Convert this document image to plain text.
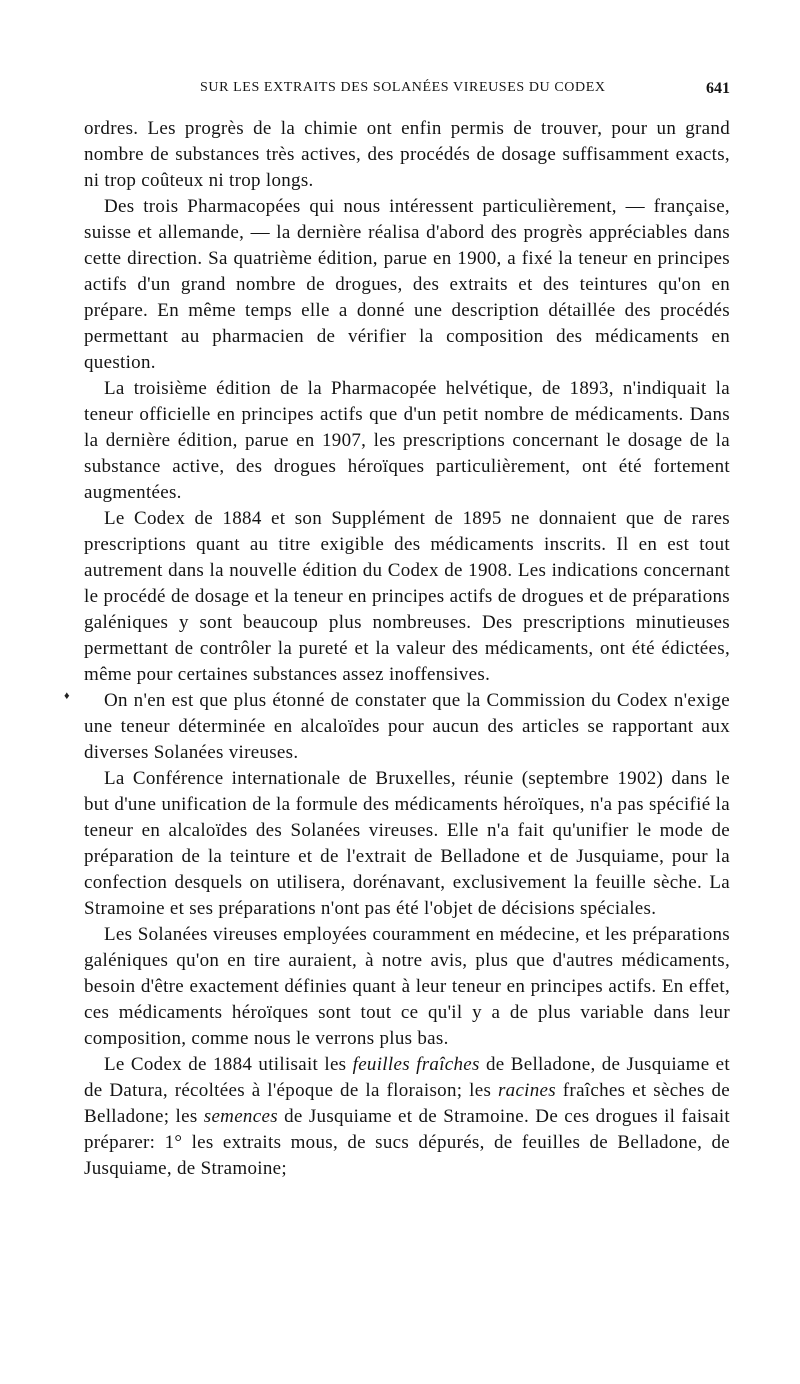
SUR LES EXTRAITS DES SOLANÉES VIREUSES DU CODEX	641
♦

ordres. Les progrès de la chimie ont enfin permis de trouver, pour un grand nombre de substances très actives, des procédés de dosage suffisamment exacts, ni trop coûteux ni trop longs.

Des trois Pharmacopées qui nous intéressent particulièrement, — française, suisse et allemande, — la dernière réalisa d'abord des progrès appréciables dans cette direction. Sa quatrième édition, parue en 1900, a fixé la teneur en principes actifs d'un grand nombre de drogues, des extraits et des teintures qu'on en prépare. En même temps elle a donné une description détaillée des procédés permettant au pharmacien de vérifier la composition des médicaments en question.

La troisième édition de la Pharmacopée helvétique, de 1893, n'indiquait la teneur officielle en principes actifs que d'un petit nombre de médicaments. Dans la dernière édition, parue en 1907, les prescriptions concernant le dosage de la substance active, des drogues héroïques particulièrement, ont été fortement augmentées.

Le Codex de 1884 et son Supplément de 1895 ne donnaient que de rares prescriptions quant au titre exigible des médicaments inscrits. Il en est tout autrement dans la nouvelle édition du Codex de 1908. Les indications concernant le procédé de dosage et la teneur en principes actifs de drogues et de préparations galéniques y sont beaucoup plus nombreuses. Des prescriptions minutieuses permettant de contrôler la pureté et la valeur des médicaments, ont été édictées, même pour certaines substances assez inoffensives.

On n'en est que plus étonné de constater que la Commission du Codex n'exige une teneur déterminée en alcaloïdes pour aucun des articles se rapportant aux diverses Solanées vireuses.

La Conférence internationale de Bruxelles, réunie (septembre 1902) dans le but d'une unification de la formule des médicaments héroïques, n'a pas spécifié la teneur en alcaloïdes des Solanées vireuses. Elle n'a fait qu'unifier le mode de préparation de la teinture et de l'extrait de Belladone et de Jusquiame, pour la confection desquels on utilisera, dorénavant, exclusivement la feuille sèche. La Stramoine et ses préparations n'ont pas été l'objet de décisions spéciales.

Les Solanées vireuses employées couramment en médecine, et les préparations galéniques qu'on en tire auraient, à notre avis, plus que d'autres médicaments, besoin d'être exactement définies quant à leur teneur en principes actifs. En effet, ces médicaments héroïques sont tout ce qu'il y a de plus variable dans leur composition, comme nous le verrons plus bas.

Le Codex de 1884 utilisait les feuilles fraîches de Belladone, de Jusquiame et de Datura, récoltées à l'époque de la floraison; les racines fraîches et sèches de Belladone; les semences de Jusquiame et de Stramoine. De ces drogues il faisait préparer: 1° les extraits mous, de sucs dépurés, de feuilles de Belladone, de Jusquiame, de Stramoine;
